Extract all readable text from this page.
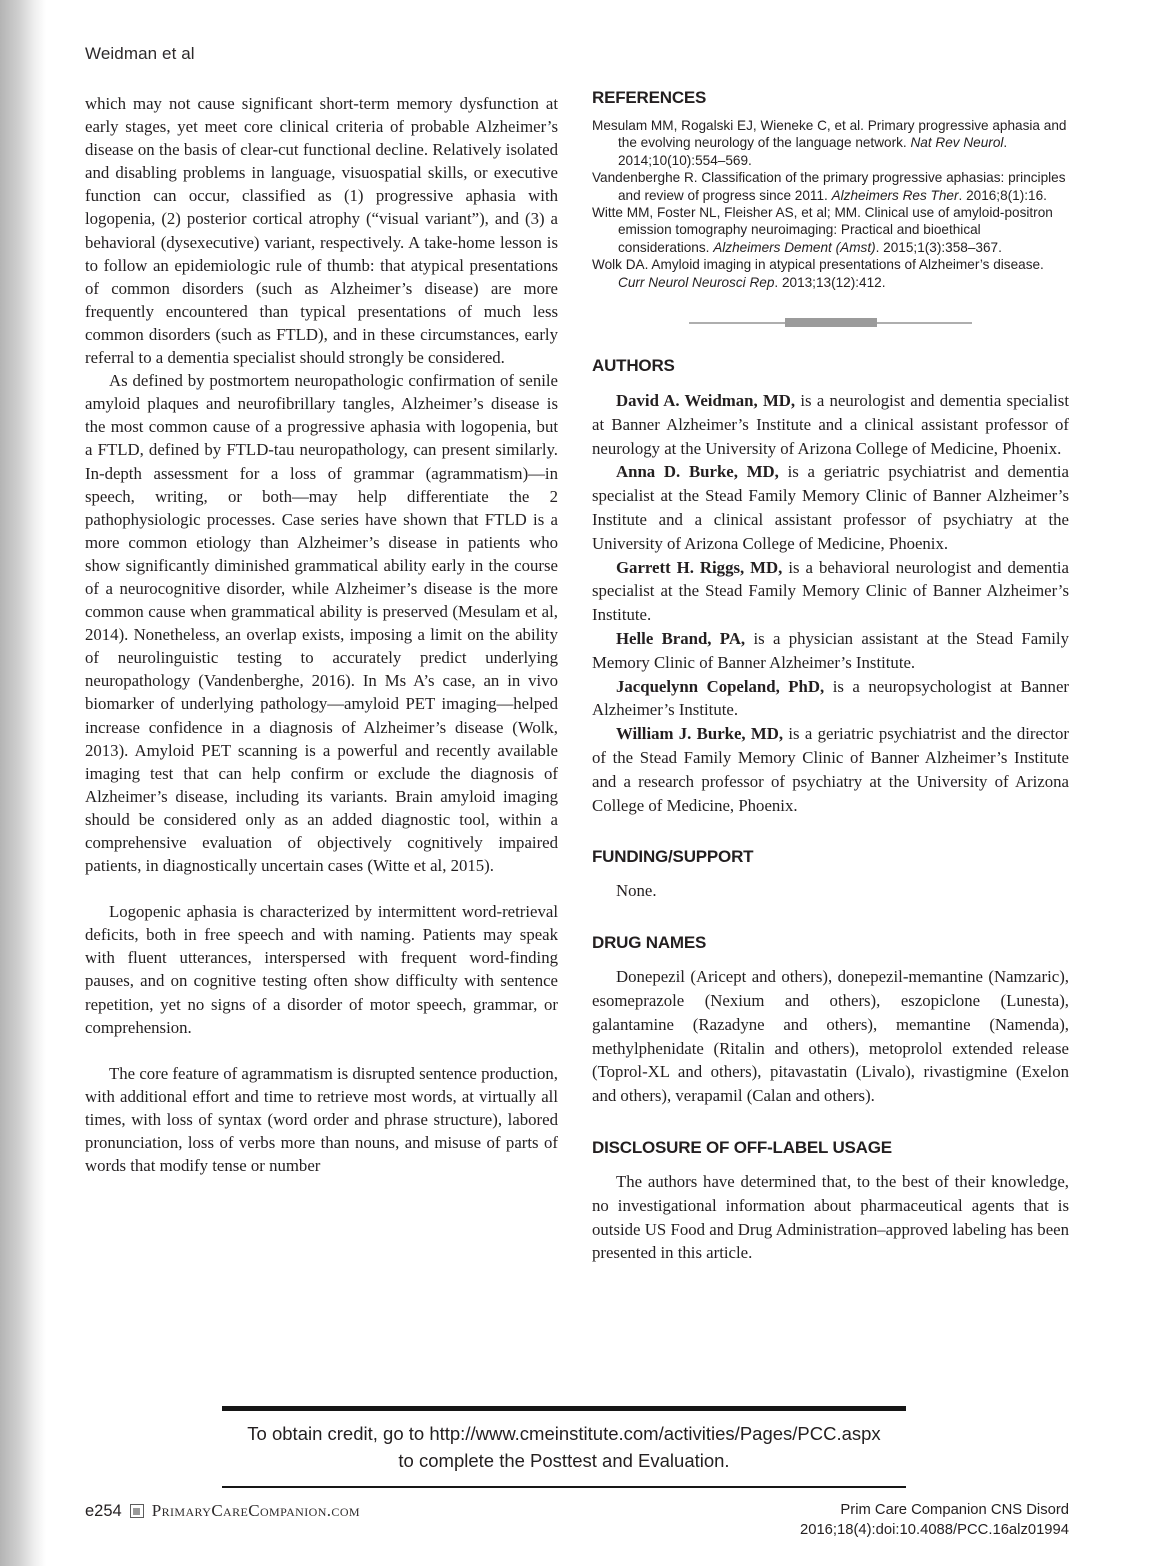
Weidman et al

which may not cause significant short-term memory dysfunction at early stages, yet meet core clinical criteria of probable Alzheimer’s disease on the basis of clear-cut functional decline. Relatively isolated and disabling problems in language, visuospatial skills, or executive function can occur, classified as (1) progressive aphasia with logopenia, (2) posterior cortical atrophy (“visual variant”), and (3) a behavioral (dysexecutive) variant, respectively. A take-home lesson is to follow an epidemiologic rule of thumb: that atypical presentations of common disorders (such as Alzheimer’s disease) are more frequently encountered than typical presentations of much less common disorders (such as FTLD), and in these circumstances, early referral to a dementia specialist should strongly be considered.

As defined by postmortem neuropathologic confirmation of senile amyloid plaques and neurofibrillary tangles, Alzheimer’s disease is the most common cause of a progressive aphasia with logopenia, but a FTLD, defined by FTLD-tau neuropathology, can present similarly. In-depth assessment for a loss of grammar (agrammatism)—in speech, writing, or both—may help differentiate the 2 pathophysiologic processes. Case series have shown that FTLD is a more common etiology than Alzheimer’s disease in patients who show significantly diminished grammatical ability early in the course of a neurocognitive disorder, while Alzheimer’s disease is the more common cause when grammatical ability is preserved (Mesulam et al, 2014). Nonetheless, an overlap exists, imposing a limit on the ability of neurolinguistic testing to accurately predict underlying neuropathology (Vandenberghe, 2016). In Ms A’s case, an in vivo biomarker of underlying pathology—amyloid PET imaging—helped increase confidence in a diagnosis of Alzheimer’s disease (Wolk, 2013). Amyloid PET scanning is a powerful and recently available imaging test that can help confirm or exclude the diagnosis of Alzheimer’s disease, including its variants. Brain amyloid imaging should be considered only as an added diagnostic tool, within a comprehensive evaluation of objectively cognitively impaired patients, in diagnostically uncertain cases (Witte et al, 2015).

Logopenic aphasia is characterized by intermittent word-retrieval deficits, both in free speech and with naming. Patients may speak with fluent utterances, interspersed with frequent word-finding pauses, and on cognitive testing often show difficulty with sentence repetition, yet no signs of a disorder of motor speech, grammar, or comprehension.

The core feature of agrammatism is disrupted sentence production, with additional effort and time to retrieve most words, at virtually all times, with loss of syntax (word order and phrase structure), labored pronunciation, loss of verbs more than nouns, and misuse of parts of words that modify tense or number

REFERENCES

Mesulam MM, Rogalski EJ, Wieneke C, et al. Primary progressive aphasia and the evolving neurology of the language network. Nat Rev Neurol. 2014;10(10):554–569.

Vandenberghe R. Classification of the primary progressive aphasias: principles and review of progress since 2011. Alzheimers Res Ther. 2016;8(1):16.

Witte MM, Foster NL, Fleisher AS, et al; MM. Clinical use of amyloid-positron emission tomography neuroimaging: Practical and bioethical considerations. Alzheimers Dement (Amst). 2015;1(3):358–367.

Wolk DA. Amyloid imaging in atypical presentations of Alzheimer’s disease. Curr Neurol Neurosci Rep. 2013;13(12):412.

AUTHORS

David A. Weidman, MD, is a neurologist and dementia specialist at Banner Alzheimer’s Institute and a clinical assistant professor of neurology at the University of Arizona College of Medicine, Phoenix.

Anna D. Burke, MD, is a geriatric psychiatrist and dementia specialist at the Stead Family Memory Clinic of Banner Alzheimer’s Institute and a clinical assistant professor of psychiatry at the University of Arizona College of Medicine, Phoenix.

Garrett H. Riggs, MD, is a behavioral neurologist and dementia specialist at the Stead Family Memory Clinic of Banner Alzheimer’s Institute.

Helle Brand, PA, is a physician assistant at the Stead Family Memory Clinic of Banner Alzheimer’s Institute.

Jacquelynn Copeland, PhD, is a neuropsychologist at Banner Alzheimer’s Institute.

William J. Burke, MD, is a geriatric psychiatrist and the director of the Stead Family Memory Clinic of Banner Alzheimer’s Institute and a research professor of psychiatry at the University of Arizona College of Medicine, Phoenix.

FUNDING/SUPPORT

None.

DRUG NAMES

Donepezil (Aricept and others), donepezil-memantine (Namzaric), esomeprazole (Nexium and others), eszopiclone (Lunesta), galantamine (Razadyne and others), memantine (Namenda), methylphenidate (Ritalin and others), metoprolol extended release (Toprol-XL and others), pitavastatin (Livalo), rivastigmine (Exelon and others), verapamil (Calan and others).

DISCLOSURE OF OFF-LABEL USAGE

The authors have determined that, to the best of their knowledge, no investigational information about pharmaceutical agents that is outside US Food and Drug Administration–approved labeling has been presented in this article.

To obtain credit, go to http://www.cmeinstitute.com/activities/Pages/PCC.aspx
to complete the Posttest and Evaluation.
e254 PrimaryCareCompanion.com	Prim Care Companion CNS Disord
2016;18(4):doi:10.4088/PCC.16alz01994
